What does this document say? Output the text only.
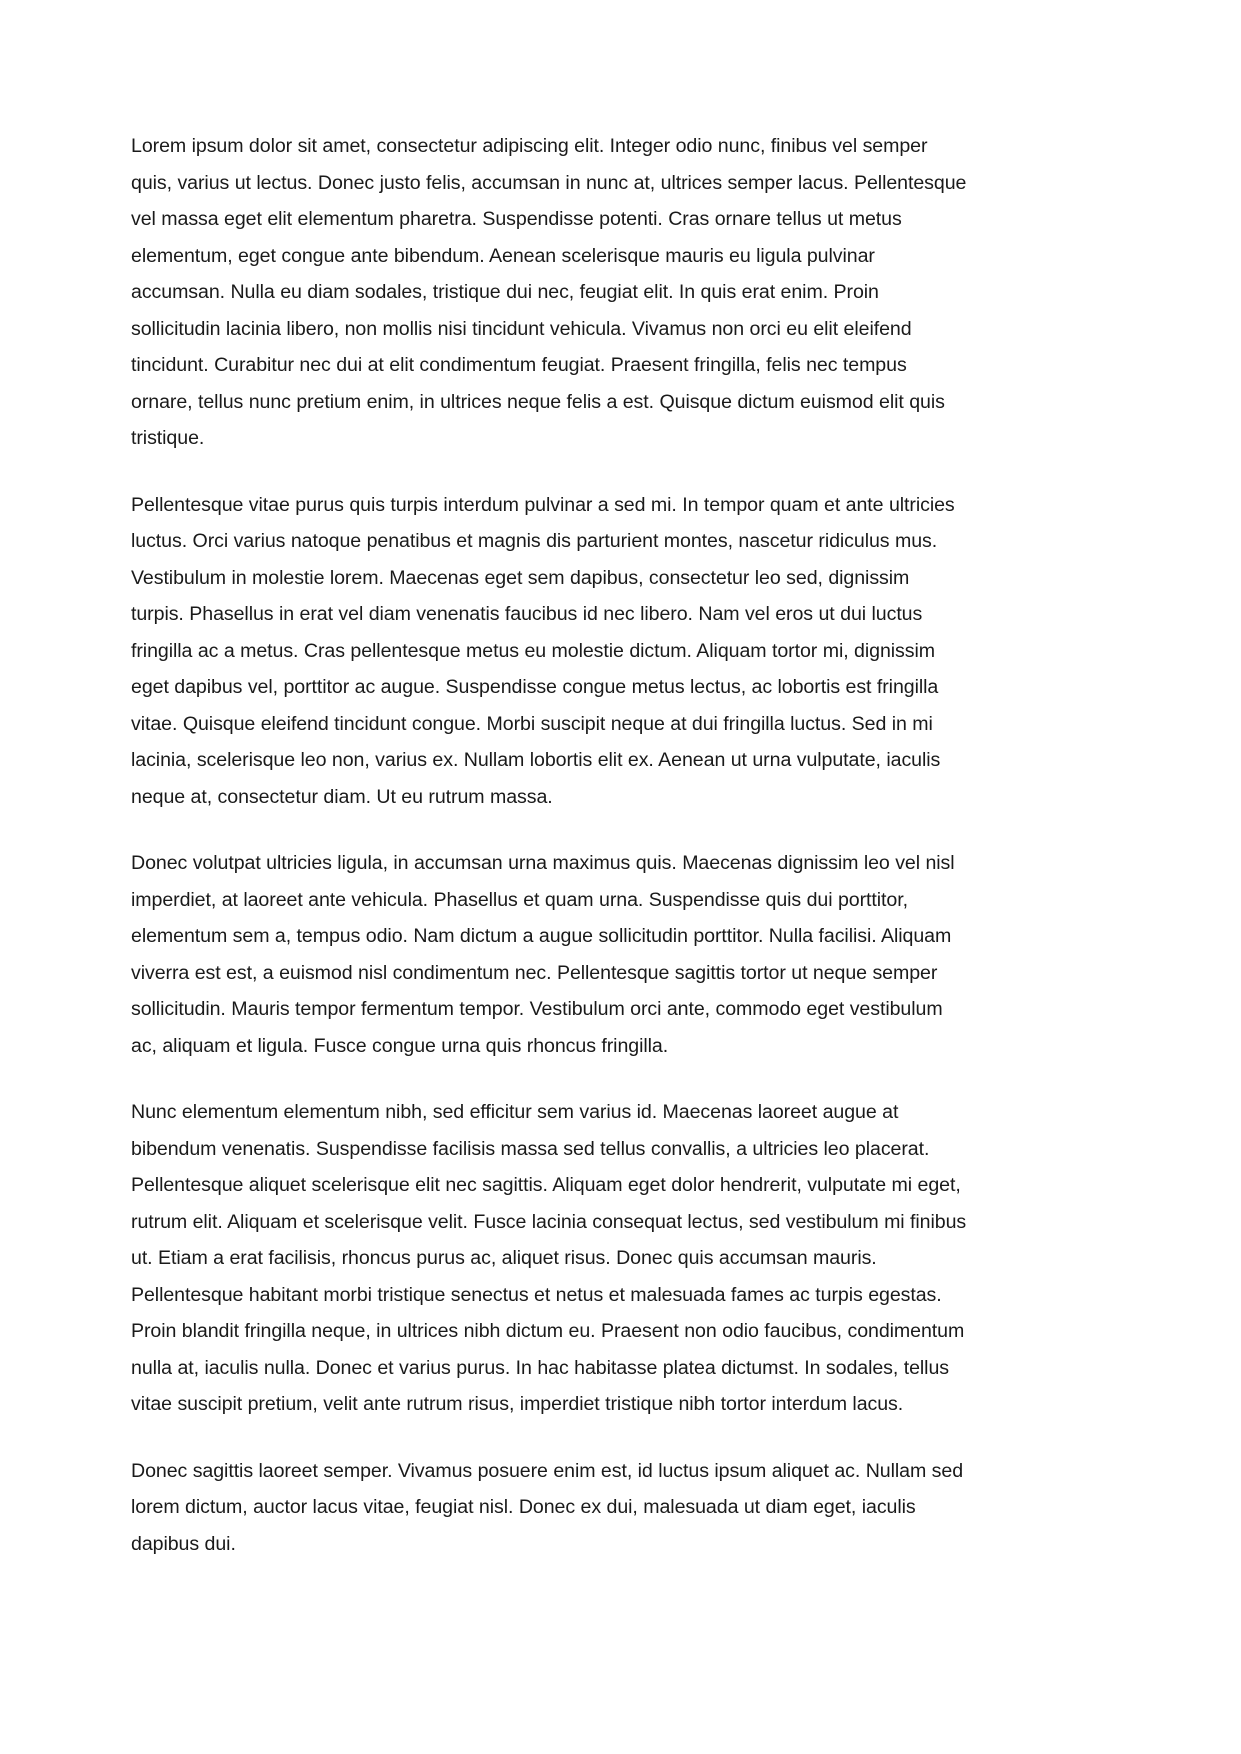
Lorem ipsum dolor sit amet, consectetur adipiscing elit. Integer odio nunc, finibus vel semper quis, varius ut lectus. Donec justo felis, accumsan in nunc at, ultrices semper lacus. Pellentesque vel massa eget elit elementum pharetra. Suspendisse potenti. Cras ornare tellus ut metus elementum, eget congue ante bibendum. Aenean scelerisque mauris eu ligula pulvinar accumsan. Nulla eu diam sodales, tristique dui nec, feugiat elit. In quis erat enim. Proin sollicitudin lacinia libero, non mollis nisi tincidunt vehicula. Vivamus non orci eu elit eleifend tincidunt. Curabitur nec dui at elit condimentum feugiat. Praesent fringilla, felis nec tempus ornare, tellus nunc pretium enim, in ultrices neque felis a est. Quisque dictum euismod elit quis tristique.

Pellentesque vitae purus quis turpis interdum pulvinar a sed mi. In tempor quam et ante ultricies luctus. Orci varius natoque penatibus et magnis dis parturient montes, nascetur ridiculus mus. Vestibulum in molestie lorem. Maecenas eget sem dapibus, consectetur leo sed, dignissim turpis. Phasellus in erat vel diam venenatis faucibus id nec libero. Nam vel eros ut dui luctus fringilla ac a metus. Cras pellentesque metus eu molestie dictum. Aliquam tortor mi, dignissim eget dapibus vel, porttitor ac augue. Suspendisse congue metus lectus, ac lobortis est fringilla vitae. Quisque eleifend tincidunt congue. Morbi suscipit neque at dui fringilla luctus. Sed in mi lacinia, scelerisque leo non, varius ex. Nullam lobortis elit ex. Aenean ut urna vulputate, iaculis neque at, consectetur diam. Ut eu rutrum massa.

Donec volutpat ultricies ligula, in accumsan urna maximus quis. Maecenas dignissim leo vel nisl imperdiet, at laoreet ante vehicula. Phasellus et quam urna. Suspendisse quis dui porttitor, elementum sem a, tempus odio. Nam dictum a augue sollicitudin porttitor. Nulla facilisi. Aliquam viverra est est, a euismod nisl condimentum nec. Pellentesque sagittis tortor ut neque semper sollicitudin. Mauris tempor fermentum tempor. Vestibulum orci ante, commodo eget vestibulum ac, aliquam et ligula. Fusce congue urna quis rhoncus fringilla.

Nunc elementum elementum nibh, sed efficitur sem varius id. Maecenas laoreet augue at bibendum venenatis. Suspendisse facilisis massa sed tellus convallis, a ultricies leo placerat. Pellentesque aliquet scelerisque elit nec sagittis. Aliquam eget dolor hendrerit, vulputate mi eget, rutrum elit. Aliquam et scelerisque velit. Fusce lacinia consequat lectus, sed vestibulum mi finibus ut. Etiam a erat facilisis, rhoncus purus ac, aliquet risus. Donec quis accumsan mauris. Pellentesque habitant morbi tristique senectus et netus et malesuada fames ac turpis egestas. Proin blandit fringilla neque, in ultrices nibh dictum eu. Praesent non odio faucibus, condimentum nulla at, iaculis nulla. Donec et varius purus. In hac habitasse platea dictumst. In sodales, tellus vitae suscipit pretium, velit ante rutrum risus, imperdiet tristique nibh tortor interdum lacus.

Donec sagittis laoreet semper. Vivamus posuere enim est, id luctus ipsum aliquet ac. Nullam sed lorem dictum, auctor lacus vitae, feugiat nisl. Donec ex dui, malesuada ut diam eget, iaculis dapibus dui.
